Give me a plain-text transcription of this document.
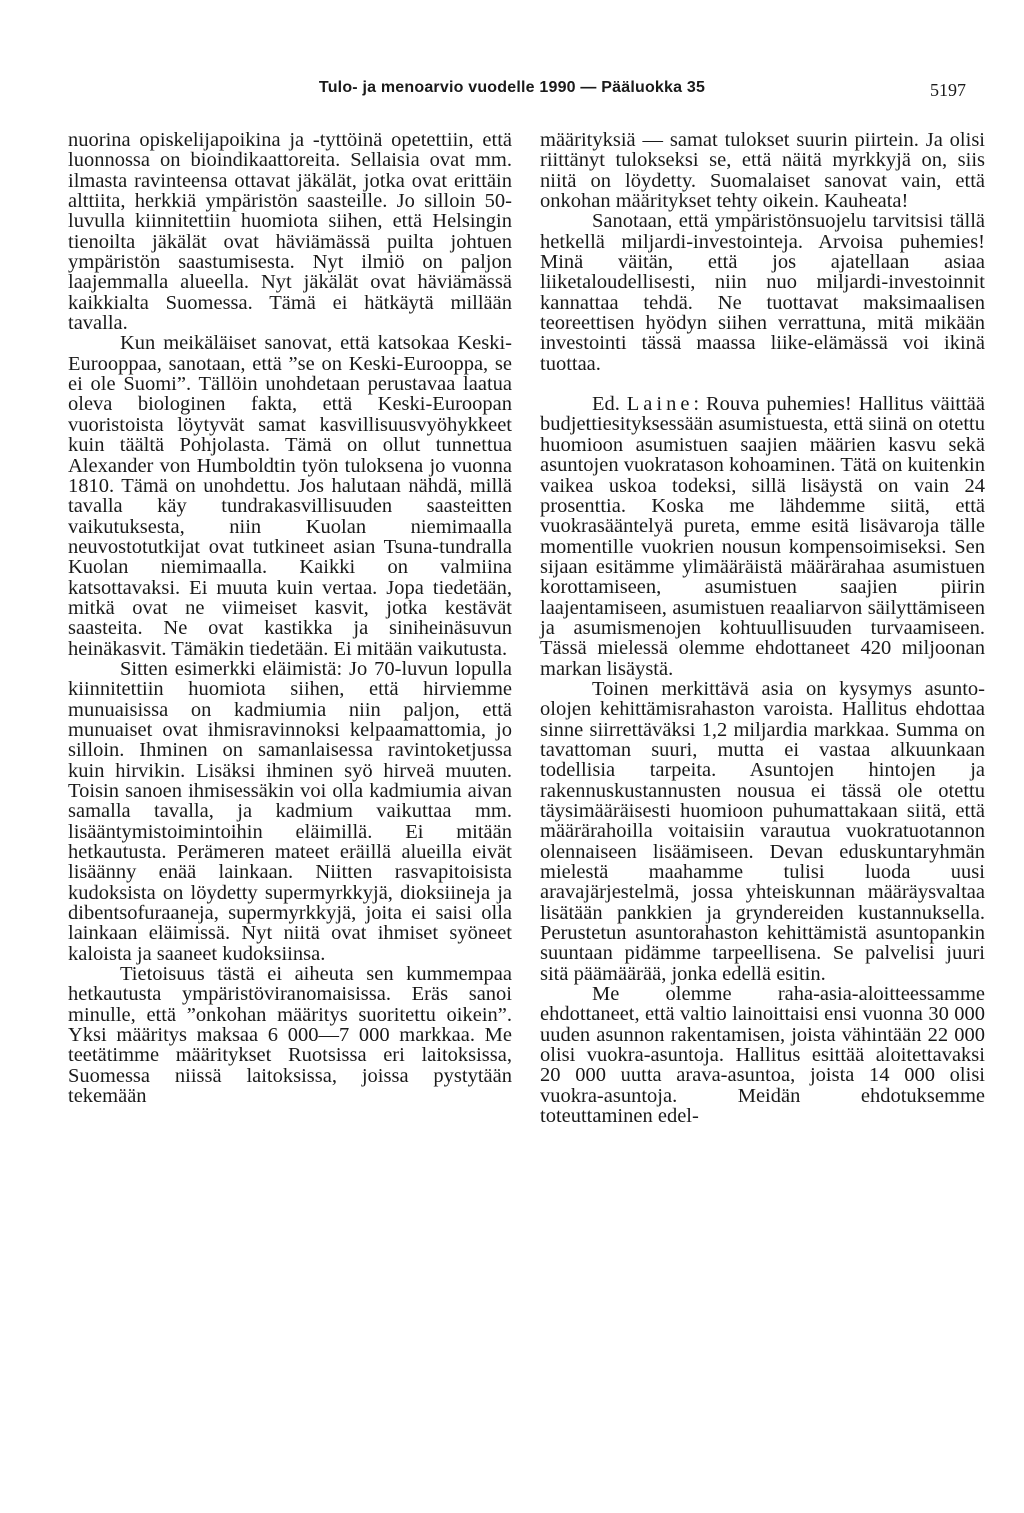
Tulo- ja menoarvio vuodelle 1990 — Pääluokka 35	5197

nuorina opiskelijapoikina ja -tyttöinä opetettiin, että luonnossa on bioindikaattoreita. Sellaisia ovat mm. ilmasta ravinteensa ottavat jäkälät, jotka ovat erittäin alttiita, herkkiä ympäristön saasteille. Jo silloin 50-luvulla kiinnitettiin huomiota siihen, että Helsingin tienoilta jäkälät ovat häviämässä puilta johtuen ympäristön saastumisesta. Nyt ilmiö on paljon laajemmalla alueella. Nyt jäkälät ovat häviämässä kaikkialta Suomessa. Tämä ei hätkäytä millään tavalla.

Kun meikäläiset sanovat, että katsokaa Keski-Eurooppaa, sanotaan, että ”se on Keski-Eurooppa, se ei ole Suomi”. Tällöin unohdetaan perustavaa laatua oleva biologinen fakta, että Keski-Euroopan vuoristoista löytyvät samat kasvillisuusvyöhykkeet kuin täältä Pohjolasta. Tämä on ollut tunnettua Alexander von Humboldtin työn tuloksena jo vuonna 1810. Tämä on unohdettu. Jos halutaan nähdä, millä tavalla käy tundrakasvillisuuden saasteitten vaikutuksesta, niin Kuolan niemimaalla neuvostotutkijat ovat tutkineet asian Tsuna-tundralla Kuolan niemimaalla. Kaikki on valmiina katsottavaksi. Ei muuta kuin vertaa. Jopa tiedetään, mitkä ovat ne viimeiset kasvit, jotka kestävät saasteita. Ne ovat kastikka ja siniheinäsuvun heinäkasvit. Tämäkin tiedetään. Ei mitään vaikutusta.

Sitten esimerkki eläimistä: Jo 70-luvun lopulla kiinnitettiin huomiota siihen, että hirviemme munuaisissa on kadmiumia niin paljon, että munuaiset ovat ihmisravinnoksi kelpaamattomia, jo silloin. Ihminen on samanlaisessa ravintoketjussa kuin hirvikin. Lisäksi ihminen syö hirveä muuten. Toisin sanoen ihmisessäkin voi olla kadmiumia aivan samalla tavalla, ja kadmium vaikuttaa mm. lisääntymistoimintoihin eläimillä. Ei mitään hetkautusta. Perämeren mateet eräillä alueilla eivät lisäänny enää lainkaan. Niitten rasvapitoisista kudoksista on löydetty supermyrkkyjä, dioksiineja ja dibentsofuraaneja, supermyrkkyjä, joita ei saisi olla lainkaan eläimissä. Nyt niitä ovat ihmiset syöneet kaloista ja saaneet kudoksiinsa.

Tietoisuus tästä ei aiheuta sen kummempaa hetkautusta ympäristöviranomaisissa. Eräs sanoi minulle, että ”onkohan määritys suoritettu oikein”. Yksi määritys maksaa 6 000—7 000 markkaa. Me teetätimme määritykset Ruotsissa eri laitoksissa, Suomessa niissä laitoksissa, joissa pystytään tekemään

määrityksiä — samat tulokset suurin piirtein. Ja olisi riittänyt tulokseksi se, että näitä myrkkyjä on, siis niitä on löydetty. Suomalaiset sanovat vain, että onkohan määritykset tehty oikein. Kauheata!

Sanotaan, että ympäristönsuojelu tarvitsisi tällä hetkellä miljardi-investointeja. Arvoisa puhemies! Minä väitän, että jos ajatellaan asiaa liiketaloudellisesti, niin nuo miljardi-investoinnit kannattaa tehdä. Ne tuottavat maksimaalisen teoreettisen hyödyn siihen verrattuna, mitä mikään investointi tässä maassa liike-elämässä voi ikinä tuottaa.

Ed. Laine: Rouva puhemies! Hallitus väittää budjettiesityksessään asumistuesta, että siinä on otettu huomioon asumistuen saajien määrien kasvu sekä asuntojen vuokratason kohoaminen. Tätä on kuitenkin vaikea uskoa todeksi, sillä lisäystä on vain 24 prosenttia. Koska me lähdemme siitä, että vuokrasääntelyä pureta, emme esitä lisävaroja tälle momentille vuokrien nousun kompensoimiseksi. Sen sijaan esitämme ylimääräistä määrärahaa asumistuen korottamiseen, asumistuen saajien piirin laajentamiseen, asumistuen reaaliarvon säilyttämiseen ja asumismenojen kohtuullisuuden turvaamiseen. Tässä mielessä olemme ehdottaneet 420 miljoonan markan lisäystä.

Toinen merkittävä asia on kysymys asunto-olojen kehittämisrahaston varoista. Hallitus ehdottaa sinne siirrettäväksi 1,2 miljardia markkaa. Summa on tavattoman suuri, mutta ei vastaa alkuunkaan todellisia tarpeita. Asuntojen hintojen ja rakennuskustannusten nousua ei tässä ole otettu täysimääräisesti huomioon puhumattakaan siitä, että määrärahoilla voitaisiin varautua vuokratuotannon olennaiseen lisäämiseen. Devan eduskuntaryhmän mielestä maahamme tulisi luoda uusi aravajärjestelmä, jossa yhteiskunnan määräysvaltaa lisätään pankkien ja gryndereiden kustannuksella. Perustetun asuntorahaston kehittämistä asuntopankin suuntaan pidämme tarpeellisena. Se palvelisi juuri sitä päämäärää, jonka edellä esitin.

Me olemme raha-asia-aloitteessamme ehdottaneet, että valtio lainoittaisi ensi vuonna 30 000 uuden asunnon rakentamisen, joista vähintään 22 000 olisi vuokra-asuntoja. Hallitus esittää aloitettavaksi 20 000 uutta arava-asuntoa, joista 14 000 olisi vuokra-asuntoja. Meidän ehdotuksemme toteuttaminen edel-
